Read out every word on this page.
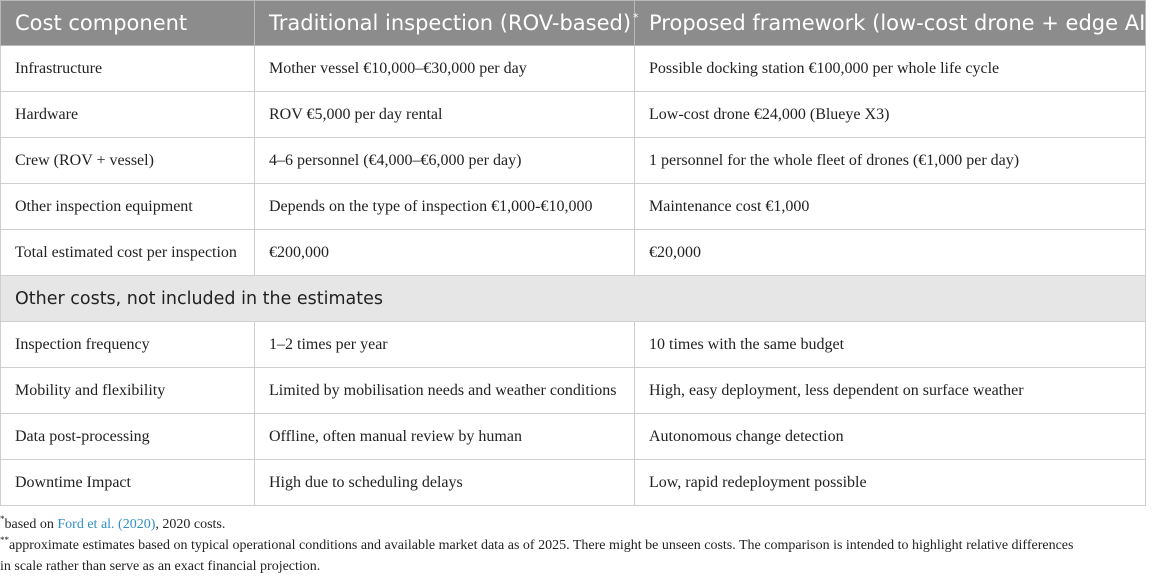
Cost component	Traditional inspection (ROV-based) *	Proposed framework (low-cost drone + edge AI) **
Infrastructure	Mother vessel €10,000–€30,000 per day	Possible docking station €100,000 per whole life cycle
Hardware	ROV €5,000 per day rental	Low-cost drone €24,000 (Blueye X3)
Crew (ROV + vessel)	4–6 personnel (€4,000–€6,000 per day)	1 personnel for the whole fleet of drones (€1,000 per day)
Other inspection equipment	Depends on the type of inspection €1,000-€10,000	Maintenance cost €1,000
Total estimated cost per inspection	€200,000	€20,000
Other costs, not included in the estimates		
Inspection frequency	1–2 times per year	10 times with the same budget
Mobility and flexibility	Limited by mobilisation needs and weather conditions	High, easy deployment, less dependent on surface weather
Data post-processing	Offline, often manual review by human	Autonomous change detection
Downtime Impact	High due to scheduling delays	Low, rapid redeployment possible

*based on Ford et al. (2020), 2020 costs.

**approximate estimates based on typical operational conditions and available market data as of 2025. There might be unseen costs. The comparison is intended to highlight relative differences

in scale rather than serve as an exact financial projection.
